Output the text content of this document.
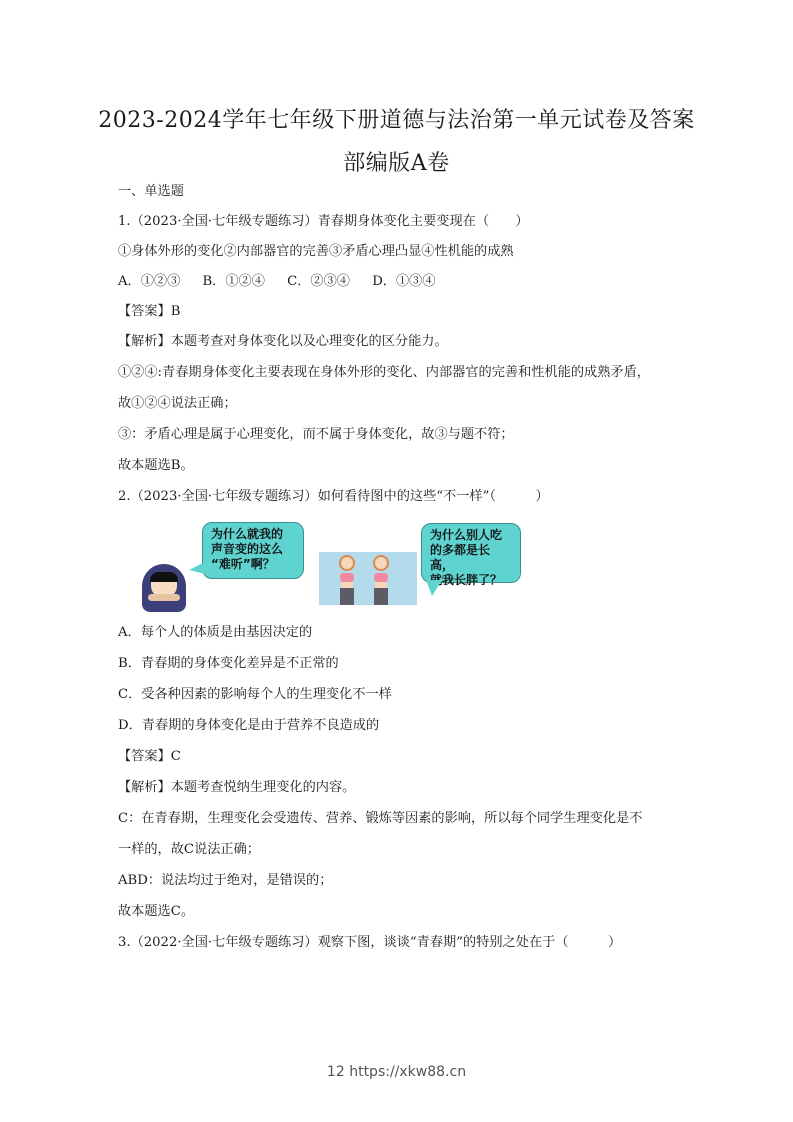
2023-2024学年七年级下册道德与法治第一单元试卷及答案
部编版A卷
一、单选题
1.（2023·全国·七年级专题练习）青春期身体变化主要变现在（　　）
①身体外形的变化②内部器官的完善③矛盾心理凸显④性机能的成熟
A．①②③ B．①②④ C．②③④ D．①③④
【答案】B
【解析】本题考查对身体变化以及心理变化的区分能力。
①②④:青春期身体变化主要表现在身体外形的变化、内部器官的完善和性机能的成熟矛盾，
故①②④说法正确；
③：矛盾心理是属于心理变化，而不属于身体变化，故③与题不符；
故本题选B。
2.（2023·全国·七年级专题练习）如何看待图中的这些“不一样”（　　　）
为什么就我的
声音变的这么
“难听”啊？
为什么别人吃
的多都是长高，
就我长胖了？
A．每个人的体质是由基因决定的
B．青春期的身体变化差异是不正常的
C．受各种因素的影响每个人的生理变化不一样
D．青春期的身体变化是由于营养不良造成的
【答案】C
【解析】本题考查悦纳生理变化的内容。
C：在青春期，生理变化会受遗传、营养、锻炼等因素的影响，所以每个同学生理变化是不
一样的，故C说法正确；
ABD：说法均过于绝对，是错误的；
故本题选C。
3.（2022·全国·七年级专题练习）观察下图，谈谈“青春期”的特别之处在于（　　　）
12 https://xkw88.cn
